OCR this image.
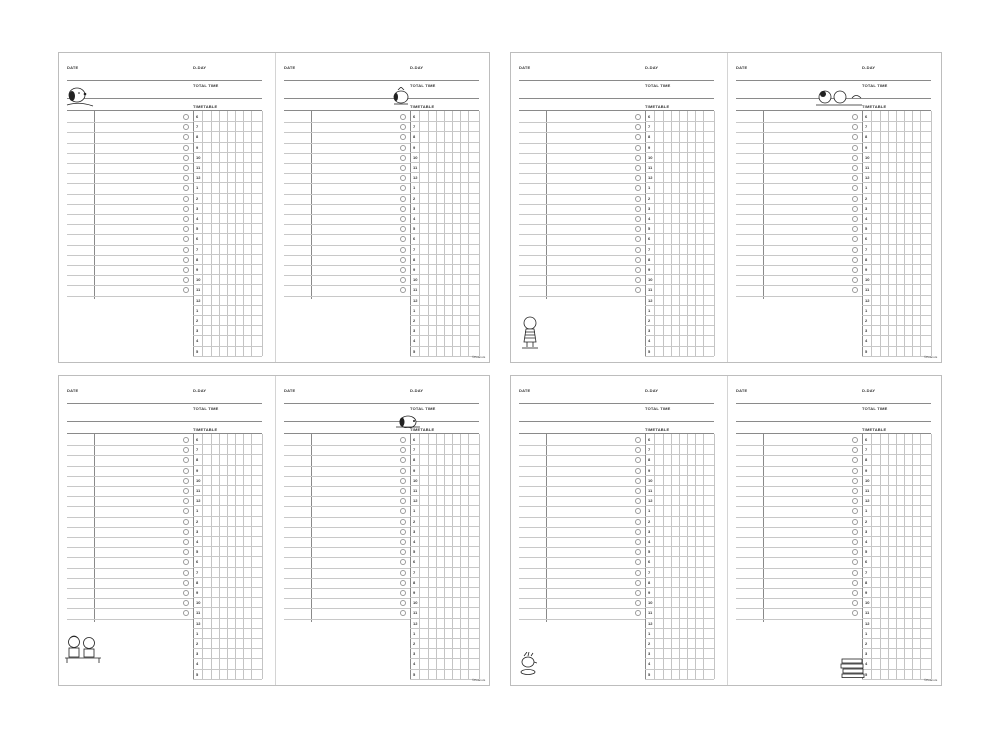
DATE	D-DAY
TOTAL TIME
TIMETABLE
6
7
8
9
10
11
12
1
2
3
4
5
6
7
8
9
10
11
12
1
2
3
4
5
DATE	D-DAY
TOTAL TIME
TIMETABLE
6
7
8
9
10
11
12
1
2
3
4
5
6
7
8
9
10
11
12
1
2
3
4
5
©Peanuts
DATE	D-DAY
TOTAL TIME
TIMETABLE
6
7
8
9
10
11
12
1
2
3
4
5
6
7
8
9
10
11
12
1
2
3
4
5
DATE	D-DAY
TOTAL TIME
TIMETABLE
6
7
8
9
10
11
12
1
2
3
4
5
6
7
8
9
10
11
12
1
2
3
4
5
©Peanuts
DATE	D-DAY
TOTAL TIME
TIMETABLE
6
7
8
9
10
11
12
1
2
3
4
5
6
7
8
9
10
11
12
1
2
3
4
5
DATE	D-DAY
TOTAL TIME
TIMETABLE
6
7
8
9
10
11
12
1
2
3
4
5
6
7
8
9
10
11
12
1
2
3
4
5
©Peanuts
DATE	D-DAY
TOTAL TIME
TIMETABLE
6
7
8
9
10
11
12
1
2
3
4
5
6
7
8
9
10
11
12
1
2
3
4
5
DATE	D-DAY
TOTAL TIME
TIMETABLE
6
7
8
9
10
11
12
1
2
3
4
5
6
7
8
9
10
11
12
1
2
3
4
5
©Peanuts
